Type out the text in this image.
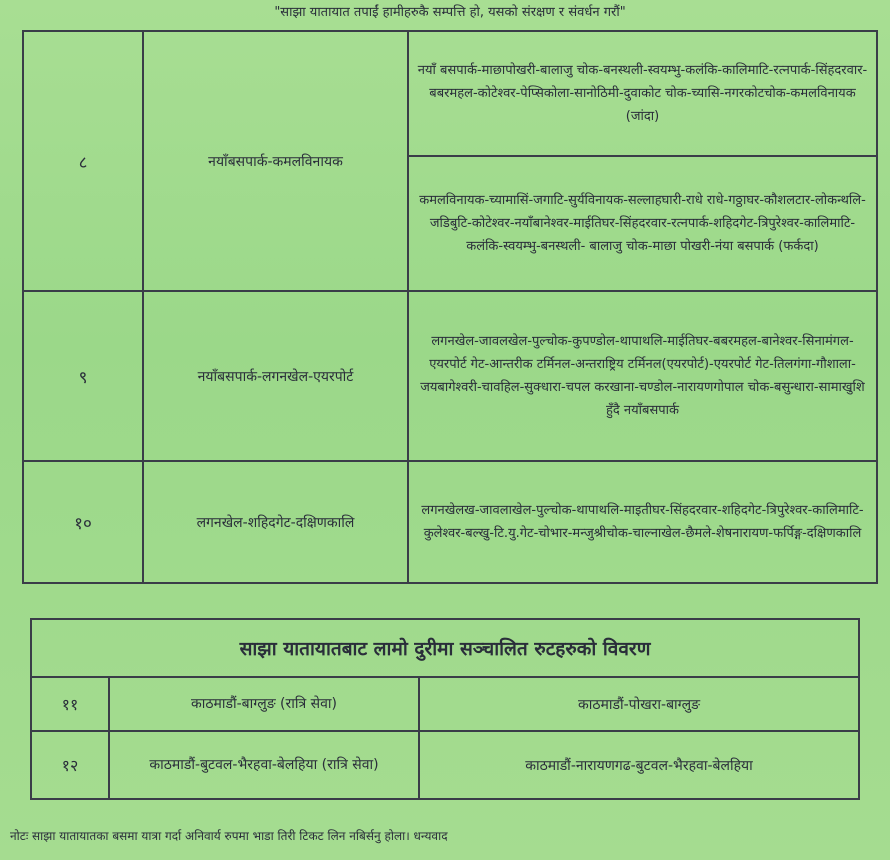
"साझा यातायात तपाईं हामीहरुकै सम्पत्ति हो, यसको संरक्षण र संवर्धन गरौं"
८	नयाँबसपार्क-कमलविनायक	नयाँ बसपार्क-माछापोखरी-बालाजु चोक-बनस्थली-स्वयम्भु-कलंकि-कालिमाटि-रत्नपार्क-सिंहदरवार-बबरमहल-कोटेश्वर-पेप्सिकोला-सानोठिमी-दुवाकोट चोक-च्यासि-नगरकोटचोक-कमलविनायक (जांदा)
		कमलविनायक-च्यामासिं-जगाटि-सुर्यविनायक-सल्लाहघारी-राधे राधे-गठ्ठाघर-कौशलटार-लोकन्थलि-जडिबुटि-कोटेश्वर-नयाँबानेश्वर-माईतिघर-सिंहदरवार-रत्नपार्क-शहिदगेट-त्रिपुरेश्वर-कालिमाटि-कलंकि-स्वयम्भु-बनस्थली- बालाजु चोक-माछा पोखरी-नंया बसपार्क (फर्कदा)
९	नयाँबसपार्क-लगनखेल-एयरपोर्ट	लगनखेल-जावलखेल-पुल्चोक-कुपण्डोल-थापाथलि-माईतिघर-बबरमहल-बानेश्वर-सिनामंगल-एयरपोर्ट गेट-आन्तरीक टर्मिनल-अन्तराष्ट्रिय टर्मिनल(एयरपोर्ट)-एयरपोर्ट गेट-तिलगंगा-गौशाला-जयबागेश्वरी-चावहिल-सुक्धारा-चपल करखाना-चण्डोल-नारायणगोपाल चोक-बसुन्धारा-सामाखुशि हुँदै नयाँबसपार्क
१०	लगनखेल-शहिदगेट-दक्षिणकालि	लगनखेलख-जावलाखेल-पुल्चोक-थापाथलि-माइतीघर-सिंहदरवार-शहिदगेट-त्रिपुरेश्वर-कालिमाटि-कुलेश्वर-बल्खु-टि.यु.गेट-चोभार-मन्जुश्रीचोक-चाल्नाखेल-छैमले-शेषनारायण-फर्पिङ्ग-दक्षिणकालि
साझा यातायातबाट लामो दुरीमा सञ्चालित रुटहरुको विवरण		
११	काठमाडौं-बाग्लुङ (रात्रि सेवा)	काठमाडौं-पोखरा-बाग्लुङ
१२	काठमाडौं-बुटवल-भैरहवा-बेलहिया (रात्रि सेवा)	काठमाडौं-नारायणगढ-बुटवल-भैरहवा-बेलहिया
नोटः साझा यातायातका बसमा यात्रा गर्दा अनिवार्य रुपमा भाडा तिरी टिकट लिन नबिर्सनु होला। धन्यवाद
